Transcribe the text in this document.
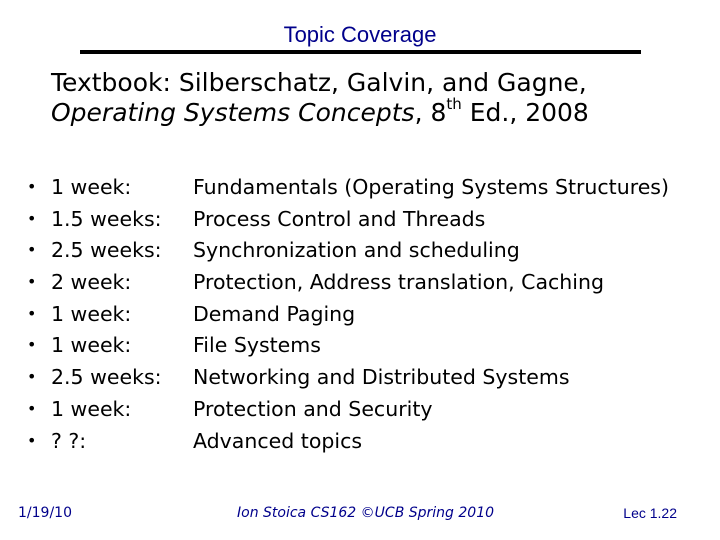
Topic Coverage
Textbook: Silberschatz, Galvin, and Gagne,
Operating Systems Concepts, 8th Ed., 2008
• 1 week:	Fundamentals (Operating Systems Structures)
• 1.5 weeks: Process Control and Threads
• 2.5 weeks: Synchronization and scheduling
• 2 week:	Protection, Address translation, Caching
• 1 week:	Demand Paging
• 1 week:	File Systems
• 2.5 weeks: Networking and Distributed Systems
• 1 week:	Protection and Security
• ? ?:	Advanced topics
1/19/10	Ion Stoica CS162 ©UCB Spring 2010	Lec 1.22
